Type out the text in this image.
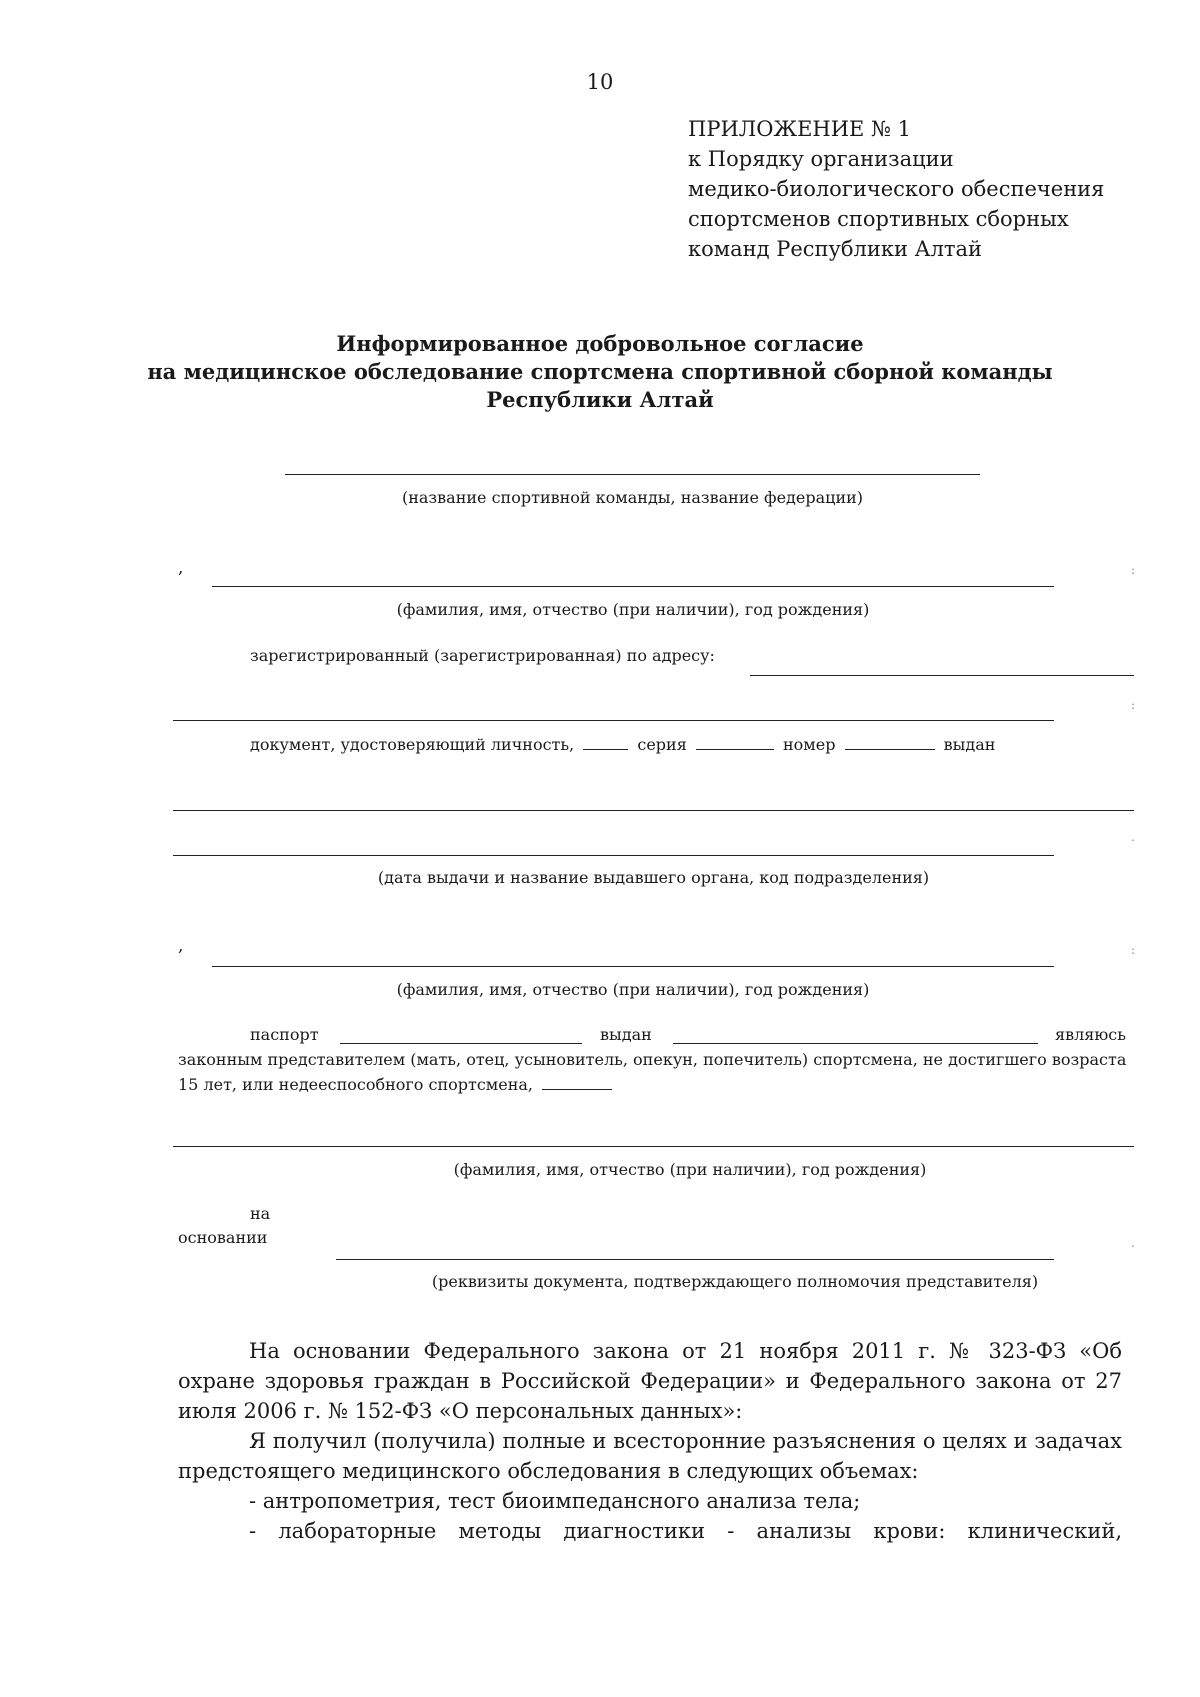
10
ПРИЛОЖЕНИЕ № 1
к Порядку организации
медико-биологического обеспечения
спортсменов спортивных сборных
команд Республики Алтай
Информированное добровольное согласие
на медицинское обследование спортсмена спортивной сборной команды
Республики Алтай
(название спортивной команды, название федерации)
,	:
(фамилия, имя, отчество (при наличии), год рождения)
зарегистрированный (зарегистрированная) по адресу:
:
документ, удостоверяющий личность,	серия	номер	выдан
.
(дата выдачи и название выдавшего органа, код подразделения)
,	:
(фамилия, имя, отчество (при наличии), год рождения)
паспорт	выдан	являюсь
законным представителем (мать, отец, усыновитель, опекун, попечитель) спортсмена, не достигшего возраста
15 лет, или недееспособного спортсмена,
(фамилия, имя, отчество (при наличии), год рождения)
на
основании	.
(реквизиты документа, подтверждающего полномочия представителя)

На основании Федерального закона от 21 ноября 2011 г. № 323-ФЗ «Об охране здоровья граждан в Российской Федерации» и Федерального закона от 27 июля 2006 г. № 152-ФЗ «О персональных данных»:

Я получил (получила) полные и всесторонние разъяснения о целях и задачах предстоящего медицинского обследования в следующих объемах:

- антропометрия, тест биоимпедансного анализа тела;

- лабораторные методы диагностики - анализы крови: клинический,
